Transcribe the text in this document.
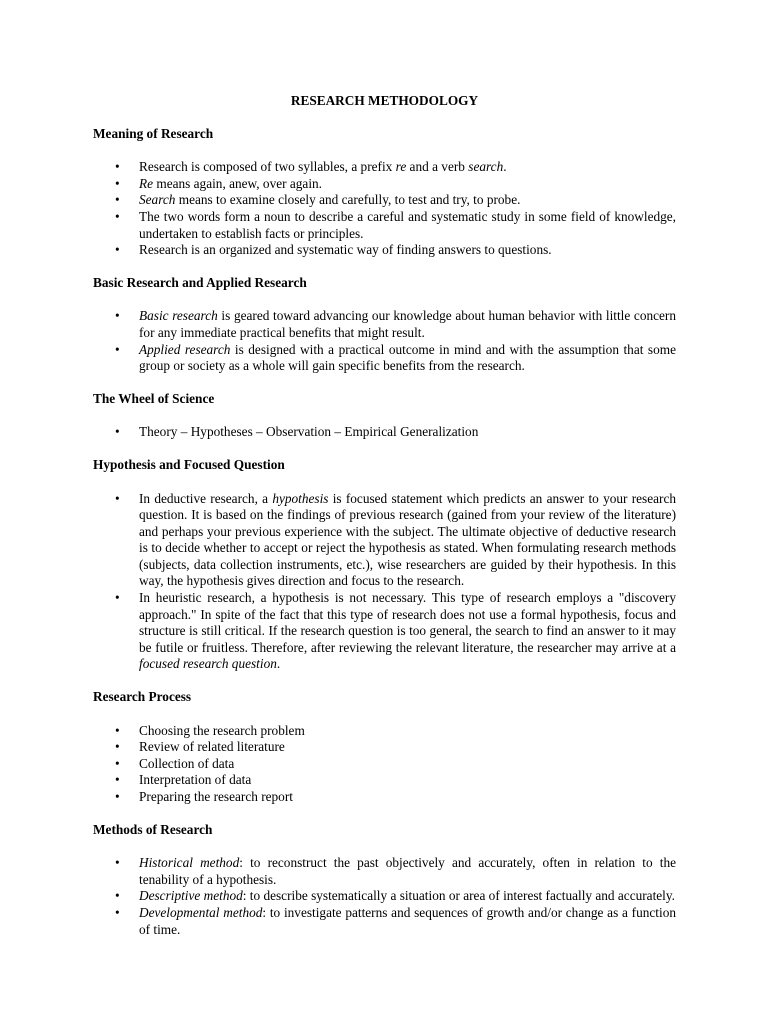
RESEARCH METHODOLOGY
Meaning of Research
• Research is composed of two syllables, a prefix re and a verb search.
• Re means again, anew, over again.
• Search means to examine closely and carefully, to test and try, to probe.
• The two words form a noun to describe a careful and systematic study in some field of knowledge, undertaken to establish facts or principles.
• Research is an organized and systematic way of finding answers to questions.
Basic Research and Applied Research
• Basic research is geared toward advancing our knowledge about human behavior with little concern for any immediate practical benefits that might result.
• Applied research is designed with a practical outcome in mind and with the assumption that some group or society as a whole will gain specific benefits from the research.
The Wheel of Science
• Theory – Hypotheses – Observation – Empirical Generalization
Hypothesis and Focused Question
• In deductive research, a hypothesis is focused statement which predicts an answer to your research question. It is based on the findings of previous research (gained from your review of the literature) and perhaps your previous experience with the subject. The ultimate objective of deductive research is to decide whether to accept or reject the hypothesis as stated. When formulating research methods (subjects, data collection instruments, etc.), wise researchers are guided by their hypothesis. In this way, the hypothesis gives direction and focus to the research.
• In heuristic research, a hypothesis is not necessary. This type of research employs a "discovery approach." In spite of the fact that this type of research does not use a formal hypothesis, focus and structure is still critical. If the research question is too general, the search to find an answer to it may be futile or fruitless. Therefore, after reviewing the relevant literature, the researcher may arrive at a focused research question.
Research Process
• Choosing the research problem
• Review of related literature
• Collection of data
• Interpretation of data
• Preparing the research report
Methods of Research
• Historical method: to reconstruct the past objectively and accurately, often in relation to the tenability of a hypothesis.
• Descriptive method: to describe systematically a situation or area of interest factually and accurately.
• Developmental method: to investigate patterns and sequences of growth and/or change as a function of time.
